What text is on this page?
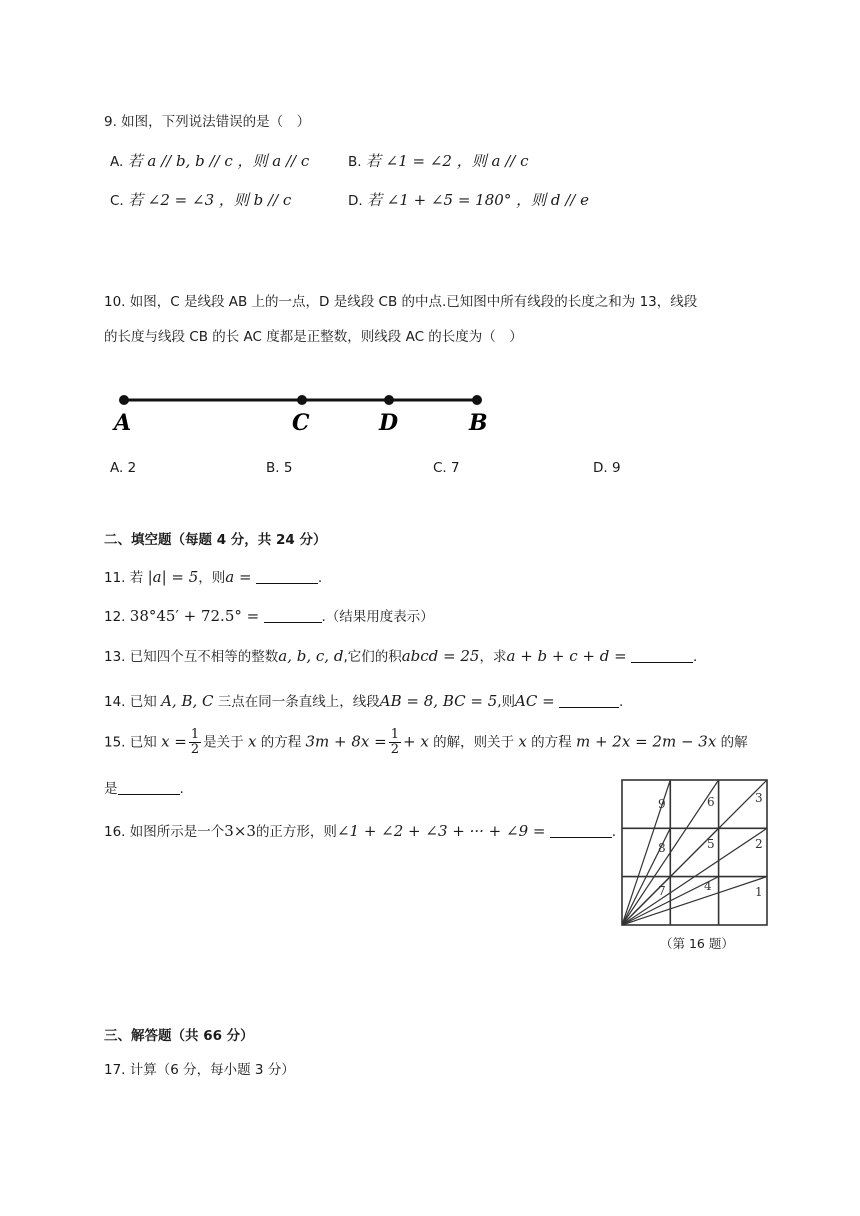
9. 如图，下列说法错误的是（　）
A. 若 a // b, b // c ，则 a // c	B. 若 ∠1 = ∠2 ，则 a // c
C. 若 ∠2 = ∠3 ，则 b // c	D. 若 ∠1 + ∠5 = 180° ，则 d // e
10. 如图，C 是线段 AB 上的一点，D 是线段 CB 的中点.已知图中所有线段的长度之和为 13，线段
的长度与线段 CB 的长 AC 度都是正整数，则线段 AC 的长度为（　）
A	C	D	B
A. 2	B. 5	C. 7	D. 9
二、填空题（每题 4 分，共 24 分）
11. 若 |a| = 5，则a =	.
12. 38°45′ + 72.5° =	.（结果用度表示）
13. 已知四个互不相等的整数a, b, c, d,它们的积abcd = 25，求a + b + c + d =	.
14. 已知 A, B, C 三点在同一条直线上，线段AB = 8, BC = 5,则AC =	.
15. 已知 $x = \frac{1}{2}$ 是关于 x 的方程 $3m + 8x = \frac{1}{2} + x$ 的解，则关于 x 的方程 m + 2x = 2m − 3x 的解
是	.
16. 如图所示是一个3×3的正方形，则∠1 + ∠2 + ∠3 + ··· + ∠9 =	.
1
2
3
4
5
6
7
8
9
（第 16 题）
三、解答题（共 66 分）
17. 计算（6 分，每小题 3 分）
